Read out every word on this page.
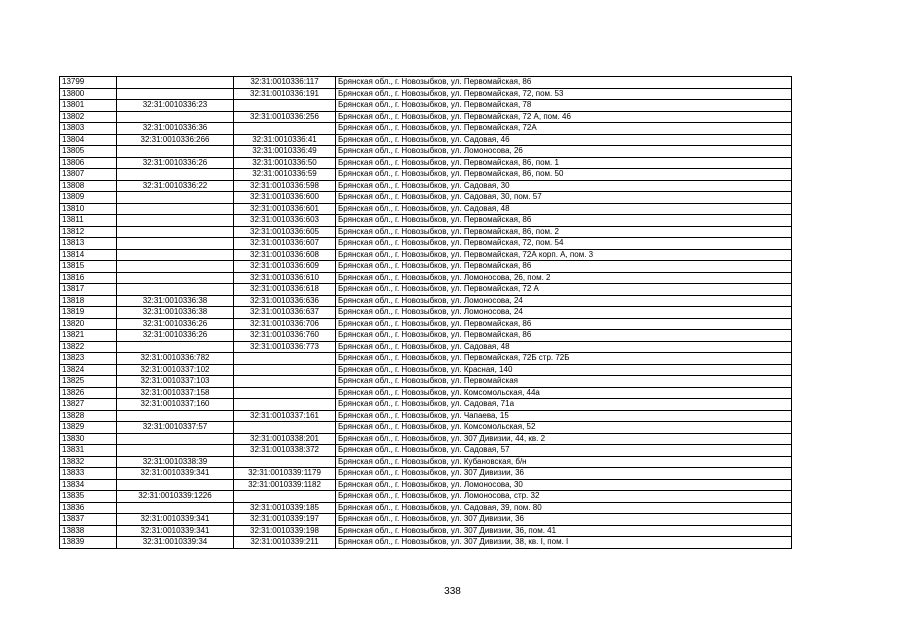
13799		32:31:0010336:117	Брянская обл., г. Новозыбков, ул. Первомайская, 86
13800		32:31:0010336:191	Брянская обл., г. Новозыбков, ул. Первомайская, 72, пом. 53
13801	32:31:0010336:23		Брянская обл., г. Новозыбков, ул. Первомайская, 78
13802		32:31:0010336:256	Брянская обл., г. Новозыбков, ул. Первомайская, 72 А, пом. 46
13803	32:31:0010336:36		Брянская обл., г. Новозыбков, ул. Первомайская, 72А
13804	32:31:0010336:266	32:31:0010336:41	Брянская обл., г. Новозыбков, ул. Садовая, 46
13805		32:31:0010336:49	Брянская обл., г. Новозыбков, ул. Ломоносова, 26
13806	32:31:0010336:26	32:31:0010336:50	Брянская обл., г. Новозыбков, ул. Первомайская, 86, пом. 1
13807		32:31:0010336:59	Брянская обл., г. Новозыбков, ул. Первомайская, 86, пом. 50
13808	32:31:0010336:22	32:31:0010336:598	Брянская обл., г. Новозыбков, ул. Садовая, 30
13809		32:31:0010336:600	Брянская обл., г. Новозыбков, ул. Садовая, 30, пом. 57
13810		32:31:0010336:601	Брянская обл., г. Новозыбков, ул. Садовая, 48
13811		32:31:0010336:603	Брянская обл., г. Новозыбков, ул. Первомайская, 86
13812		32:31:0010336:605	Брянская обл., г. Новозыбков, ул. Первомайская, 86, пом. 2
13813		32:31:0010336:607	Брянская обл., г. Новозыбков, ул. Первомайская, 72, пом. 54
13814		32:31:0010336:608	Брянская обл., г. Новозыбков, ул. Первомайская, 72А корп. А, пом. 3
13815		32:31:0010336:609	Брянская обл., г. Новозыбков, ул. Первомайская, 86
13816		32:31:0010336:610	Брянская обл., г. Новозыбков, ул. Ломоносова, 26, пом. 2
13817		32:31:0010336:618	Брянская обл., г. Новозыбков, ул. Первомайская, 72 А
13818	32:31:0010336:38	32:31:0010336:636	Брянская обл., г. Новозыбков, ул. Ломоносова, 24
13819	32:31:0010336:38	32:31:0010336:637	Брянская обл., г. Новозыбков, ул. Ломоносова, 24
13820	32:31:0010336:26	32:31:0010336:706	Брянская обл., г. Новозыбков, ул. Первомайская, 86
13821	32:31:0010336:26	32:31:0010336:760	Брянская обл., г. Новозыбков, ул. Первомайская, 86
13822		32:31:0010336:773	Брянская обл., г. Новозыбков, ул. Садовая, 48
13823	32:31:0010336:782		Брянская обл., г. Новозыбков, ул. Первомайская, 72Б стр. 72Б
13824	32:31:0010337:102		Брянская обл., г. Новозыбков, ул. Красная, 140
13825	32:31:0010337:103		Брянская обл., г. Новозыбков, ул. Первомайская
13826	32:31:0010337:158		Брянская обл., г. Новозыбков, ул. Комсомольская, 44а
13827	32:31:0010337:160		Брянская обл., г. Новозыбков, ул. Садовая, 71а
13828		32:31:0010337:161	Брянская обл., г. Новозыбков, ул. Чапаева, 15
13829	32:31:0010337:57		Брянская обл., г. Новозыбков, ул. Комсомольская, 52
13830		32:31:0010338:201	Брянская обл., г. Новозыбков, ул. 307 Дивизии, 44, кв. 2
13831		32:31:0010338:372	Брянская обл., г. Новозыбков, ул. Садовая, 57
13832	32:31:0010338:39		Брянская обл., г. Новозыбков, ул. Кубановская, б/н
13833	32:31:0010339:341	32:31:0010339:1179	Брянская обл., г. Новозыбков, ул. 307 Дивизии, 36
13834		32:31:0010339:1182	Брянская обл., г. Новозыбков, ул. Ломоносова, 30
13835	32:31:0010339:1226		Брянская обл., г. Новозыбков, ул. Ломоносова, стр. 32
13836		32:31:0010339:185	Брянская обл., г. Новозыбков, ул. Садовая, 39, пом. 80
13837	32:31:0010339:341	32:31:0010339:197	Брянская обл., г. Новозыбков, ул. 307 Дивизии, 36
13838	32:31:0010339:341	32:31:0010339:198	Брянская обл., г. Новозыбков, ул. 307 Дивизии, 36, пом. 41
13839	32:31:0010339:34	32:31:0010339:211	Брянская обл., г. Новозыбков, ул. 307 Дивизии, 38, кв. I, пом. I
338
